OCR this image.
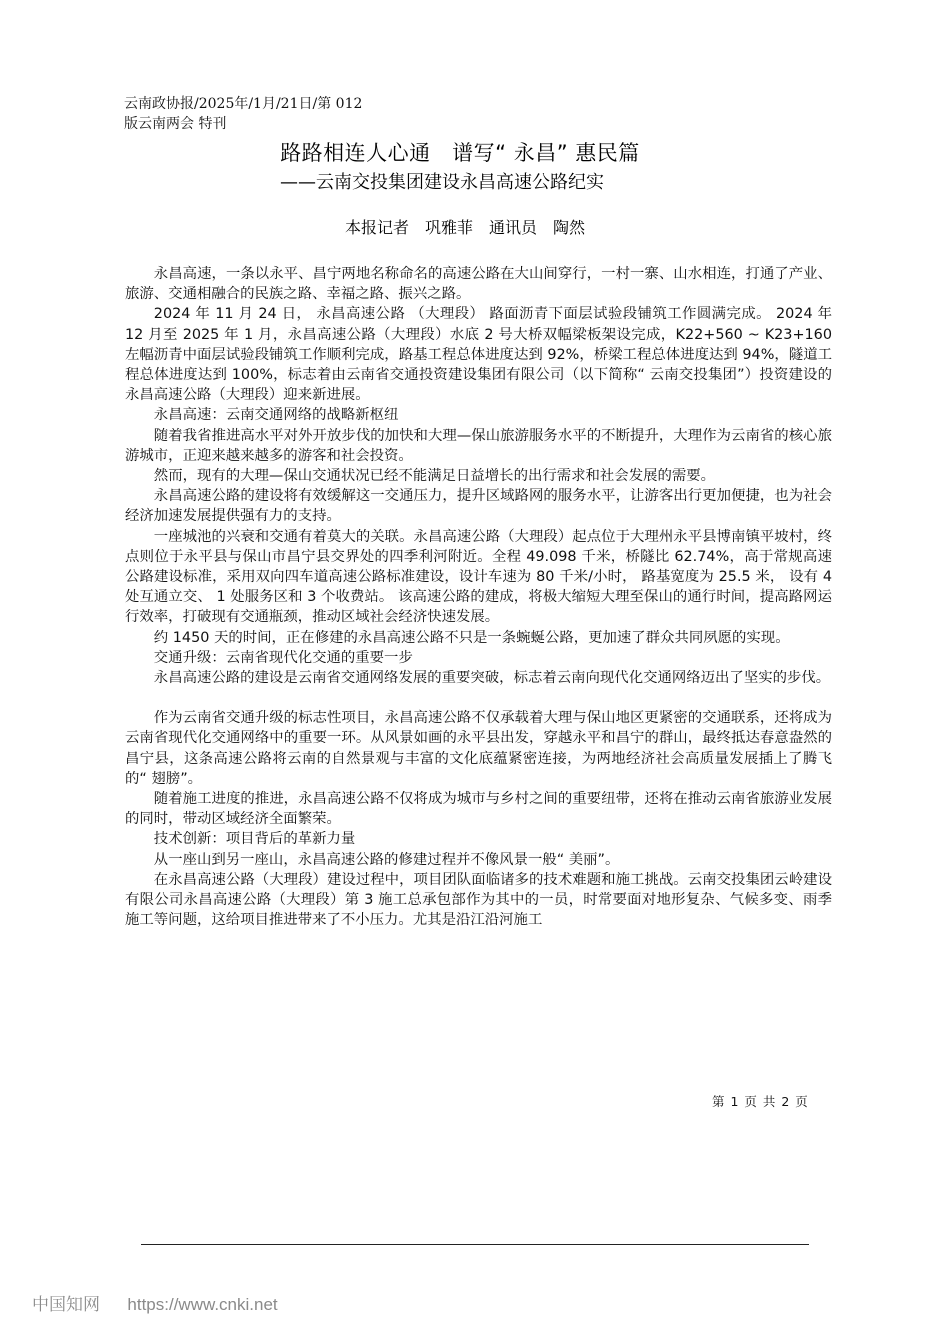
云南政协报/2025年/1月/21日/第 012
版云南两会 特刊
路路相连人心通　谱写“ 永昌” 惠民篇
——云南交投集团建设永昌高速公路纪实
本报记者　巩雅菲　通讯员　陶然

永昌高速，一条以永平、昌宁两地名称命名的高速公路在大山间穿行，一村一寨、山水相连，打通了产业、旅游、交通相融合的民族之路、幸福之路、振兴之路。

2024 年 11 月 24 日， 永昌高速公路 （大理段） 路面沥青下面层试验段铺筑工作圆满完成。 2024 年 12 月至 2025 年 1 月，永昌高速公路（大理段）水底 2 号大桥双幅梁板架设完成，K22+560 ~ K23+160 左幅沥青中面层试验段铺筑工作顺利完成，路基工程总体进度达到 92%，桥梁工程总体进度达到 94%，隧道工程总体进度达到 100%，标志着由云南省交通投资建设集团有限公司（以下简称“ 云南交投集团”）投资建设的永昌高速公路（大理段）迎来新进展。

永昌高速：云南交通网络的战略新枢纽

随着我省推进高水平对外开放步伐的加快和大理—保山旅游服务水平的不断提升，大理作为云南省的核心旅游城市，正迎来越来越多的游客和社会投资。

然而，现有的大理—保山交通状况已经不能满足日益增长的出行需求和社会发展的需要。

永昌高速公路的建设将有效缓解这一交通压力，提升区域路网的服务水平，让游客出行更加便捷，也为社会经济加速发展提供强有力的支持。

一座城池的兴衰和交通有着莫大的关联。永昌高速公路（大理段）起点位于大理州永平县博南镇平坡村，终点则位于永平县与保山市昌宁县交界处的四季利河附近。全程 49.098 千米，桥隧比 62.74%，高于常规高速公路建设标准，采用双向四车道高速公路标准建设，设计车速为 80 千米/小时， 路基宽度为 25.5 米， 设有 4 处互通立交、 1 处服务区和 3 个收费站。 该高速公路的建成，将极大缩短大理至保山的通行时间，提高路网运行效率，打破现有交通瓶颈，推动区域社会经济快速发展。

约 1450 天的时间，正在修建的永昌高速公路不只是一条蜿蜒公路，更加速了群众共同夙愿的实现。

交通升级：云南省现代化交通的重要一步

永昌高速公路的建设是云南省交通网络发展的重要突破，标志着云南向现代化交通网络迈出了坚实的步伐。

作为云南省交通升级的标志性项目，永昌高速公路不仅承载着大理与保山地区更紧密的交通联系，还将成为云南省现代化交通网络中的重要一环。从风景如画的永平县出发，穿越永平和昌宁的群山，最终抵达春意盎然的昌宁县，这条高速公路将云南的自然景观与丰富的文化底蕴紧密连接，为两地经济社会高质量发展插上了腾飞的“ 翅膀”。

随着施工进度的推进，永昌高速公路不仅将成为城市与乡村之间的重要纽带，还将在推动云南省旅游业发展的同时，带动区域经济全面繁荣。

技术创新：项目背后的革新力量

从一座山到另一座山，永昌高速公路的修建过程并不像风景一般“ 美丽”。

在永昌高速公路（大理段）建设过程中，项目团队面临诸多的技术难题和施工挑战。云南交投集团云岭建设有限公司永昌高速公路（大理段）第 3 施工总承包部作为其中的一员，时常要面对地形复杂、气候多变、雨季施工等问题，这给项目推进带来了不小压力。尤其是沿江沿河施工

第 1 页 共 2 页
中国知网 https://www.cnki.net
